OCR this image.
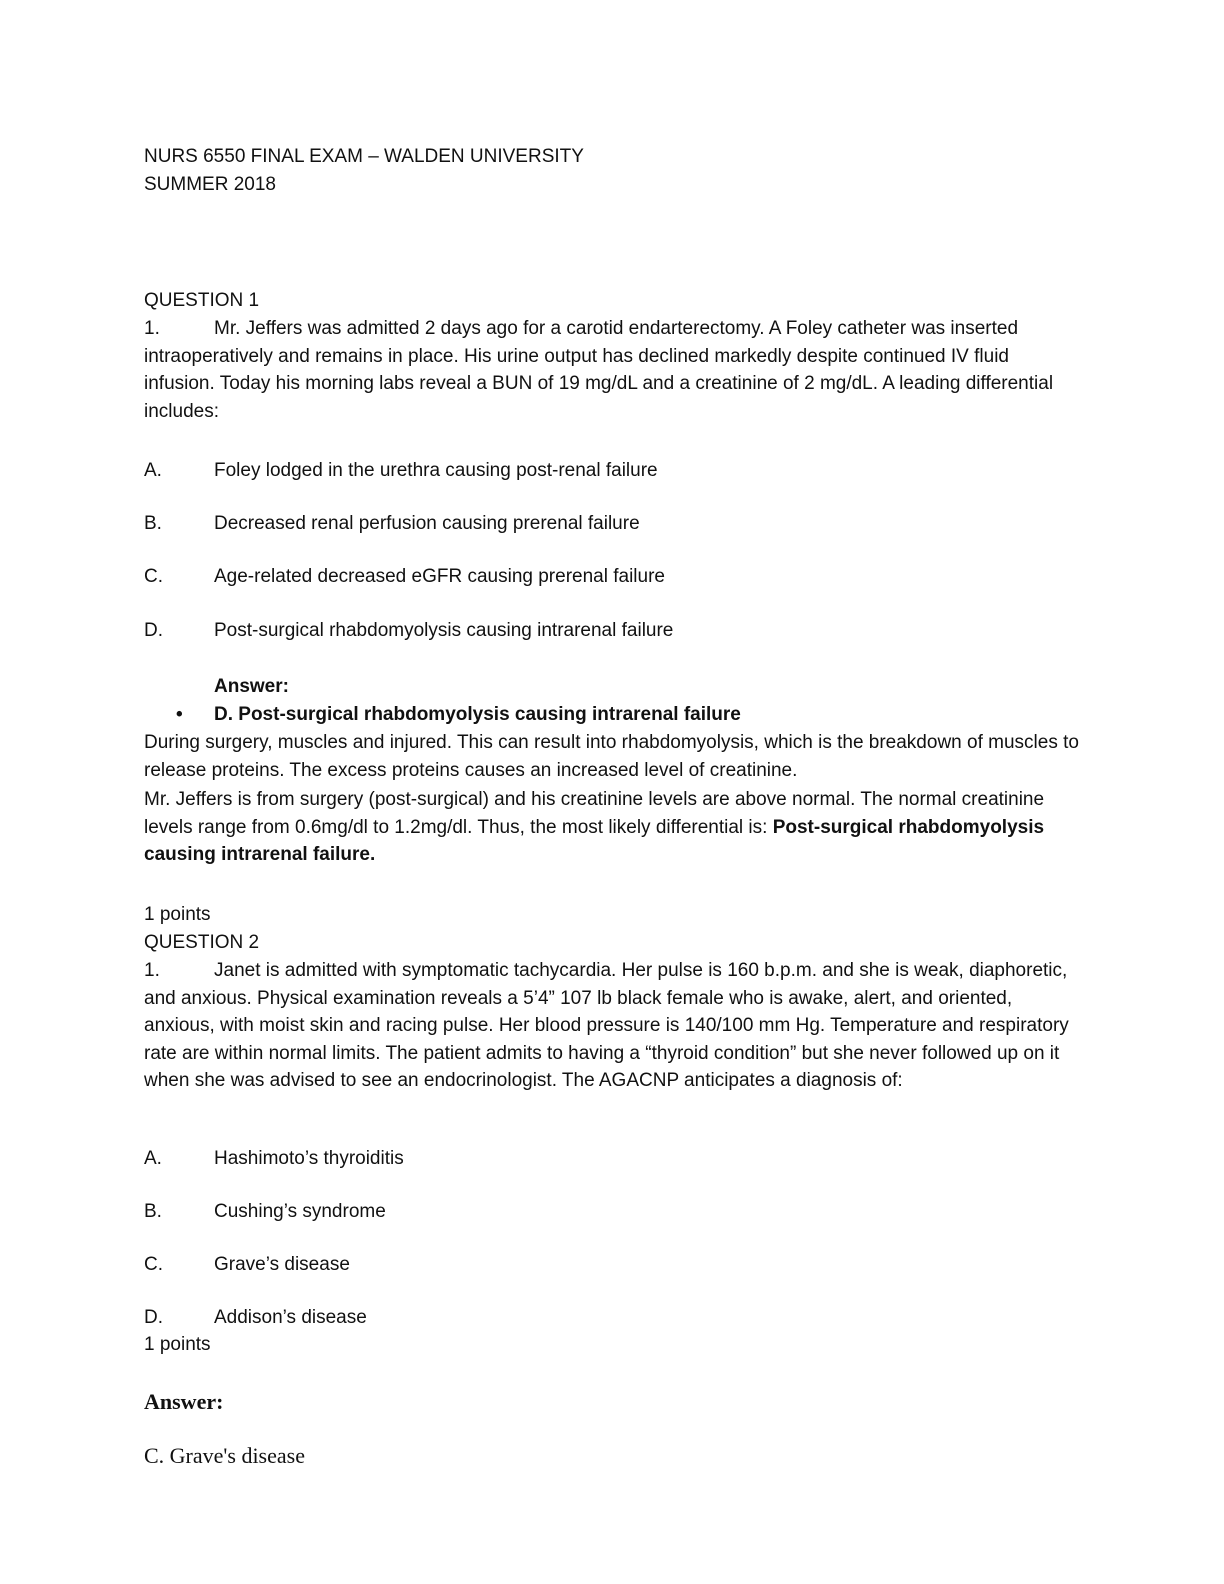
NURS 6550 FINAL EXAM – WALDEN UNIVERSITY
SUMMER 2018
QUESTION 1
1.	Mr. Jeffers was admitted 2 days ago for a carotid endarterectomy. A Foley catheter was inserted intraoperatively and remains in place. His urine output has declined markedly despite continued IV fluid infusion. Today his morning labs reveal a BUN of 19 mg/dL and a creatinine of 2 mg/dL. A leading differential includes:
A.	Foley lodged in the urethra causing post-renal failure
B.	Decreased renal perfusion causing prerenal failure
C.	Age-related decreased eGFR causing prerenal failure
D.	Post-surgical rhabdomyolysis causing intrarenal failure
Answer:
• D. Post-surgical rhabdomyolysis causing intrarenal failure
During surgery, muscles and injured. This can result into rhabdomyolysis, which is the breakdown of muscles to release proteins. The excess proteins causes an increased level of creatinine.
Mr. Jeffers is from surgery (post-surgical) and his creatinine levels are above normal. The normal creatinine levels range from 0.6mg/dl to 1.2mg/dl. Thus, the most likely differential is: Post-surgical rhabdomyolysis causing intrarenal failure.
1 points
QUESTION 2
1.	Janet is admitted with symptomatic tachycardia. Her pulse is 160 b.p.m. and she is weak, diaphoretic, and anxious. Physical examination reveals a 5’4” 107 lb black female who is awake, alert, and oriented, anxious, with moist skin and racing pulse. Her blood pressure is 140/100 mm Hg. Temperature and respiratory rate are within normal limits. The patient admits to having a “thyroid condition” but she never followed up on it when she was advised to see an endocrinologist. The AGACNP anticipates a diagnosis of:
A.	Hashimoto’s thyroiditis
B.	Cushing’s syndrome
C.	Grave’s disease
D.	Addison’s disease
1 points
Answer:
C. Grave's disease
